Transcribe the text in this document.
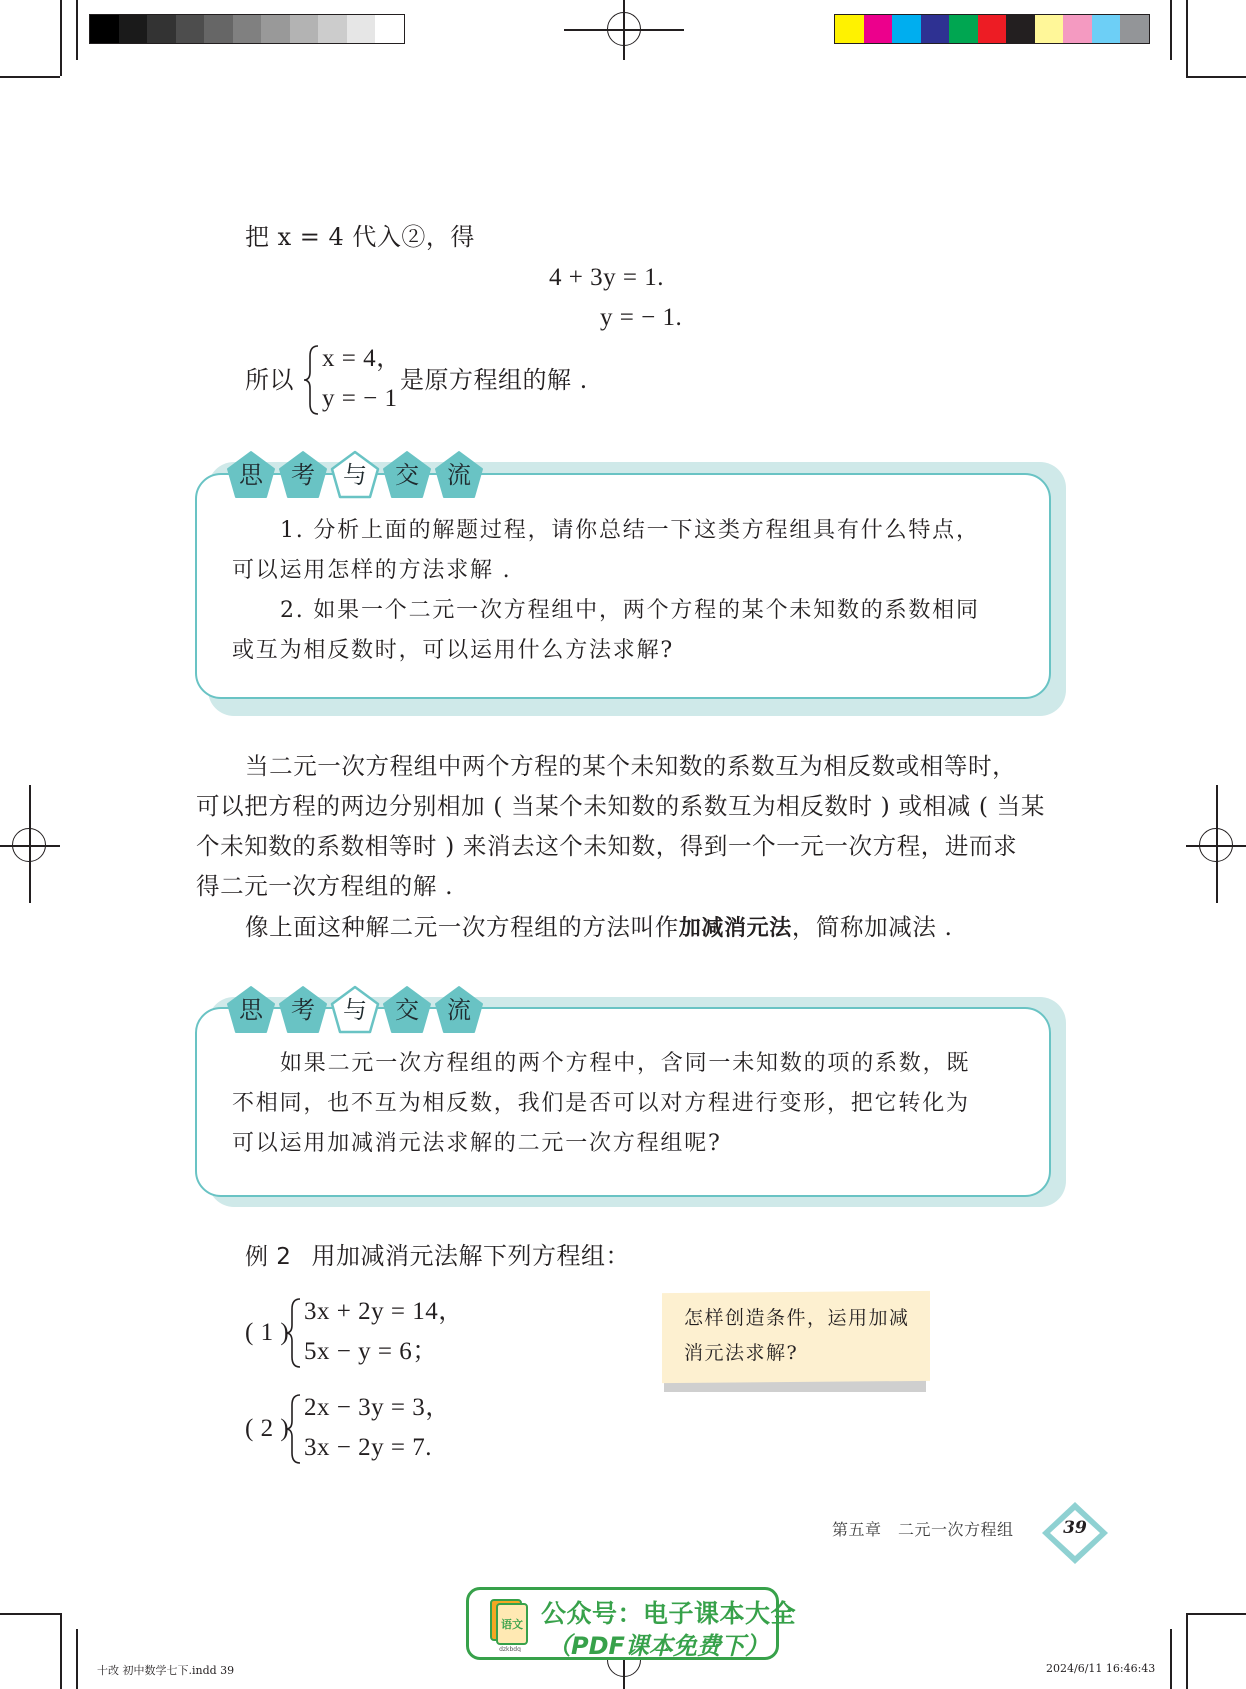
把 x = 4 代入②，得
4 + 3y = 1.
y = − 1.
所以
x = 4，
y = − 1
是原方程组的解 .
思	考	与	交	流
1. 分析上面的解题过程，请你总结一下这类方程组具有什么特点，
可以运用怎样的方法求解 .
2. 如果一个二元一次方程组中，两个方程的某个未知数的系数相同
或互为相反数时，可以运用什么方法求解?
当二元一次方程组中两个方程的某个未知数的系数互为相反数或相等时，
可以把方程的两边分别相加 ( 当某个未知数的系数互为相反数时 ) 或相减 ( 当某
个未知数的系数相等时 ) 来消去这个未知数，得到一个一元一次方程，进而求
得二元一次方程组的解 .
像上面这种解二元一次方程组的方法叫作加减消元法，简称加减法 .
思	考	与	交	流
如果二元一次方程组的两个方程中，含同一未知数的项的系数，既
不相同，也不互为相反数，我们是否可以对方程进行变形，把它转化为
可以运用加减消元法求解的二元一次方程组呢?
例 2 用加减消元法解下列方程组：
( 1 )
3x + 2y = 14，
5x − y = 6；
( 2 )
2x − 3y = 3，
3x − 2y = 7.
怎样创造条件，运用加减
消元法求解?
第五章　二元一次方程组	39
十改 初中数学七下.indd 39	2024/6/11 16:46:43
语文
dzkbdq
公众号：电子课本大全
（PDF课本免费下）
